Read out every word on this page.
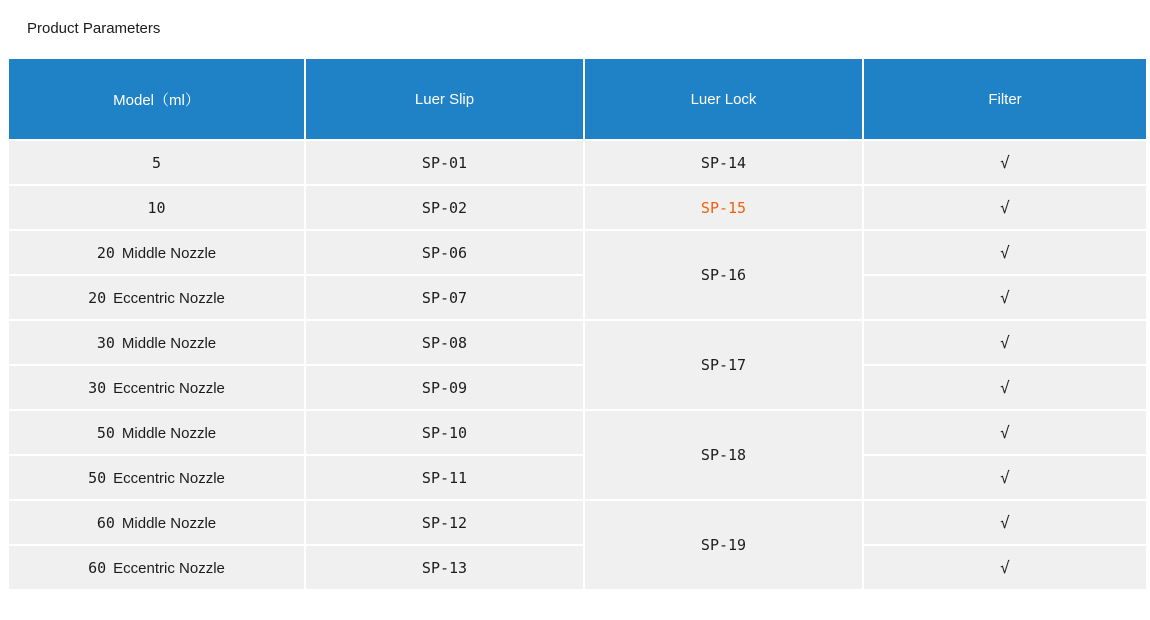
Product Parameters
Model（ml）	Luer Slip	Luer Lock	Filter
5	SP-01	SP-14	√
10	SP-02	SP-15	√
20 Middle Nozzle	SP-06	SP-16	√
20 Eccentric Nozzle	SP-07		√
30 Middle Nozzle	SP-08	SP-17	√
30 Eccentric Nozzle	SP-09		√
50 Middle Nozzle	SP-10	SP-18	√
50 Eccentric Nozzle	SP-11		√
60 Middle Nozzle	SP-12	SP-19	√
60 Eccentric Nozzle	SP-13		√
